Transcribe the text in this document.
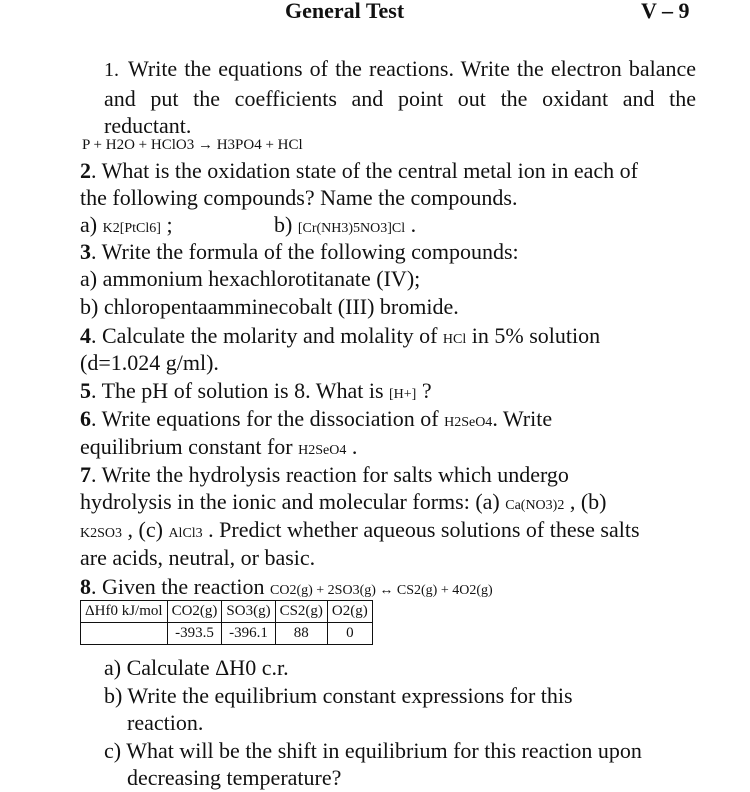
General Test	V – 9
1. Write the equations of the reactions. Write the electron balance and put the coefficients and point out the oxidant and the reductant.
P + H2O + HClO3 → H3PO4 + HCl
2. What is the oxidation state of the central metal ion in each of
the following compounds? Name the compounds.
a) K2[PtCl6] ;	b) [Cr(NH3)5NO3]Cl .
3. Write the formula of the following compounds:
a) ammonium hexachlorotitanate (IV);
b) chloropentaamminecobalt (III) bromide.
4. Calculate the molarity and molality of HCl in 5% solution
(d=1.024 g/ml).
5. The pH of solution is 8. What is [H+] ?
6. Write equations for the dissociation of H2SeO4. Write
equilibrium constant for H2SeO4 .
7. Write the hydrolysis reaction for salts which undergo
hydrolysis in the ionic and molecular forms: (a) Ca(NO3)2 , (b)
K2SO3 , (c) AlCl3 . Predict whether aqueous solutions of these salts
are acids, neutral, or basic.
8. Given the reaction CO2(g) + 2SO3(g) ↔ CS2(g) + 4O2(g)
ΔHf0 kJ/mol	CO2(g)	SO3(g)	CS2(g)	O2(g)
	-393.5	-396.1	88	0
a) Calculate ΔH0 c.r.
b) Write the equilibrium constant expressions for this
reaction.
c) What will be the shift in equilibrium for this reaction upon
decreasing temperature?
